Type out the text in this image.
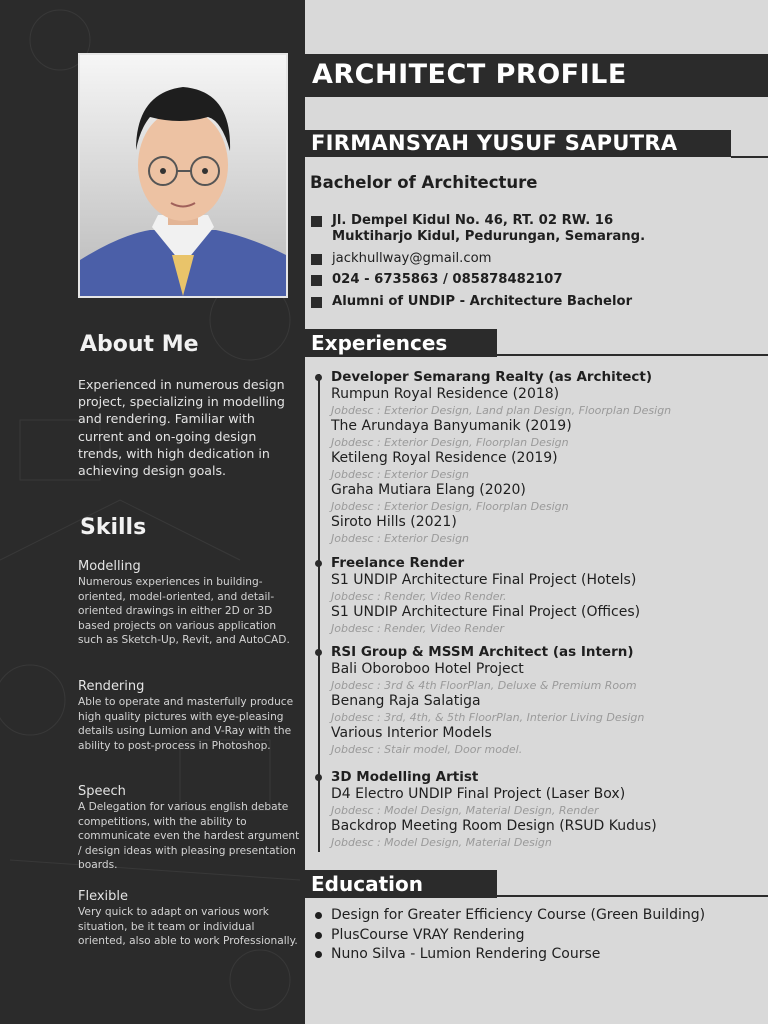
About Me
Experienced in numerous design project, specializing in modelling and rendering. Familiar with current and on-going design trends, with high dedication in achieving design goals.
Skills
Modelling
Numerous experiences in building-oriented, model-oriented, and detail-oriented drawings in either 2D or 3D based projects on various application such as Sketch-Up, Revit, and AutoCAD.
Rendering
Able to operate and masterfully produce high quality pictures with eye-pleasing details using Lumion and V-Ray with the ability to post-process in Photoshop.
Speech
A Delegation for various english debate competitions, with the ability to communicate even the hardest argument / design ideas with pleasing presentation boards.
Flexible
Very quick to adapt on various work situation, be it team or individual oriented, also able to work Professionally.
ARCHITECT PROFILE
FIRMANSYAH YUSUF SAPUTRA
Bachelor of Architecture
Jl. Dempel Kidul No. 46, RT. 02 RW. 16
Muktiharjo Kidul, Pedurungan, Semarang.
jackhullway@gmail.com
024 - 6735863 / 085878482107
Alumni of UNDIP - Architecture Bachelor
Experiences
Developer Semarang Realty (as Architect)
Rumpun Royal Residence (2018)
Jobdesc : Exterior Design, Land plan Design, Floorplan Design
The Arundaya Banyumanik (2019)
Jobdesc : Exterior Design, Floorplan Design
Ketileng Royal Residence (2019)
Jobdesc : Exterior Design
Graha Mutiara Elang (2020)
Jobdesc : Exterior Design, Floorplan Design
Siroto Hills (2021)
Jobdesc : Exterior Design
Freelance Render
S1 UNDIP Architecture Final Project (Hotels)
Jobdesc : Render, Video Render.
S1 UNDIP Architecture Final Project (Offices)
Jobdesc : Render, Video Render
RSI Group & MSSM Architect (as Intern)
Bali Oboroboo Hotel Project
Jobdesc : 3rd & 4th FloorPlan, Deluxe & Premium Room
Benang Raja Salatiga
Jobdesc : 3rd, 4th, & 5th FloorPlan, Interior Living Design
Various Interior Models
Jobdesc : Stair model, Door model.
3D Modelling Artist
D4 Electro UNDIP Final Project (Laser Box)
Jobdesc : Model Design, Material Design, Render
Backdrop Meeting Room Design (RSUD Kudus)
Jobdesc : Model Design, Material Design
Education
Design for Greater Efficiency Course (Green Building)
PlusCourse VRAY Rendering
Nuno Silva - Lumion Rendering Course
